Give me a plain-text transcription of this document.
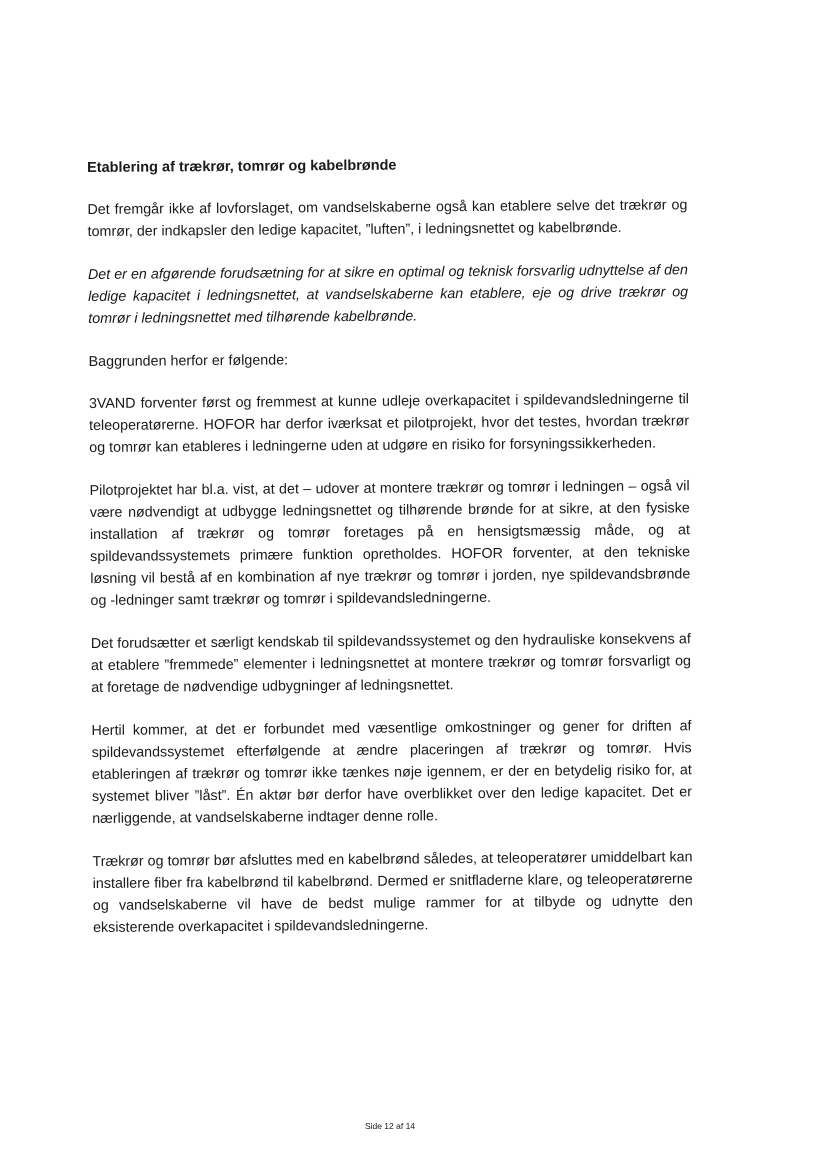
Etablering af trækrør, tomrør og kabelbrønde

Det fremgår ikke af lovforslaget, om vandselskaberne også kan etablere selve det trækrør og tomrør, der indkapsler den ledige kapacitet, ”luften”, i ledningsnettet og kabelbrønde.

Det er en afgørende forudsætning for at sikre en optimal og teknisk forsvarlig udnyttelse af den ledige kapacitet i ledningsnettet, at vandselskaberne kan etablere, eje og drive trækrør og tomrør i ledningsnettet med tilhørende kabelbrønde.

Baggrunden herfor er følgende:

3VAND forventer først og fremmest at kunne udleje overkapacitet i spildevandsledningerne til teleoperatørerne. HOFOR har derfor iværksat et pilotprojekt, hvor det testes, hvordan trækrør og tomrør kan etableres i ledningerne uden at udgøre en risiko for forsyningssikkerheden.

Pilotprojektet har bl.a. vist, at det – udover at montere trækrør og tomrør i ledningen – også vil være nødvendigt at udbygge ledningsnettet og tilhørende brønde for at sikre, at den fysiske installation af trækrør og tomrør foretages på en hensigtsmæssig måde, og at spildevandssystemets primære funktion opretholdes. HOFOR forventer, at den tekniske løsning vil bestå af en kombination af nye trækrør og tomrør i jorden, nye spildevandsbrønde og -ledninger samt trækrør og tomrør i spildevandsledningerne.

Det forudsætter et særligt kendskab til spildevandssystemet og den hydrauliske konsekvens af at etablere ”fremmede” elementer i ledningsnettet at montere trækrør og tomrør forsvarligt og at foretage de nødvendige udbygninger af ledningsnettet.

Hertil kommer, at det er forbundet med væsentlige omkostninger og gener for driften af spildevandssystemet efterfølgende at ændre placeringen af trækrør og tomrør. Hvis etableringen af trækrør og tomrør ikke tænkes nøje igennem, er der en betydelig risiko for, at systemet bliver ”låst”. Én aktør bør derfor have overblikket over den ledige kapacitet. Det er nærliggende, at vandselskaberne indtager denne rolle.

Trækrør og tomrør bør afsluttes med en kabelbrønd således, at teleoperatører umiddelbart kan installere fiber fra kabelbrønd til kabelbrønd. Dermed er snitfladerne klare, og teleoperatørerne og vandselskaberne vil have de bedst mulige rammer for at tilbyde og udnytte den eksisterende overkapacitet i spildevandsledningerne.

Side 12 af 14
